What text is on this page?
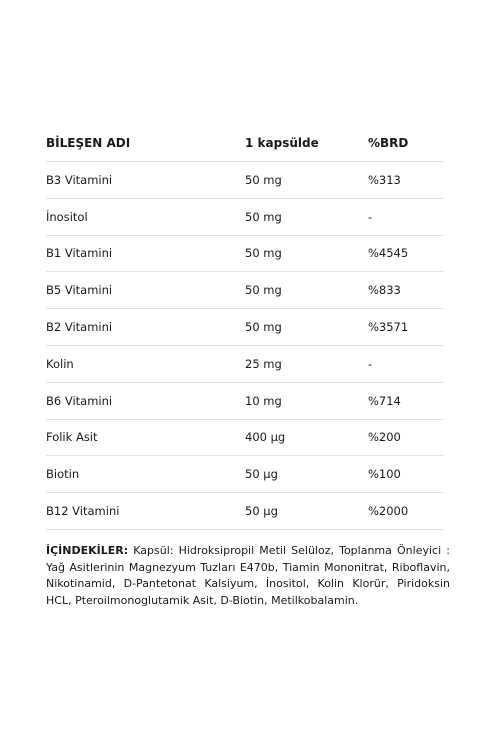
BİLEŞEN ADI	1 kapsülde	%BRD
B3 Vitamini	50 mg	%313
İnositol	50 mg	-
B1 Vitamini	50 mg	%4545
B5 Vitamini	50 mg	%833
B2 Vitamini	50 mg	%3571
Kolin	25 mg	-
B6 Vitamini	10 mg	%714
Folik Asit	400 µg	%200
Biotin	50 µg	%100
B12 Vitamini	50 µg	%2000
İÇİNDEKİLER: Kapsül: Hidroksipropil Metil Selüloz, Toplanma Önleyici : Yağ Asitlerinin Magnezyum Tuzları E470b, Tiamin Mononitrat, Riboflavin, Nikotinamid, D-Pantetonat Kalsiyum, İnositol, Kolin Klorür, Piridoksin HCL, Pteroilmonoglutamik Asit, D-Biotin, Metilkobalamin.
